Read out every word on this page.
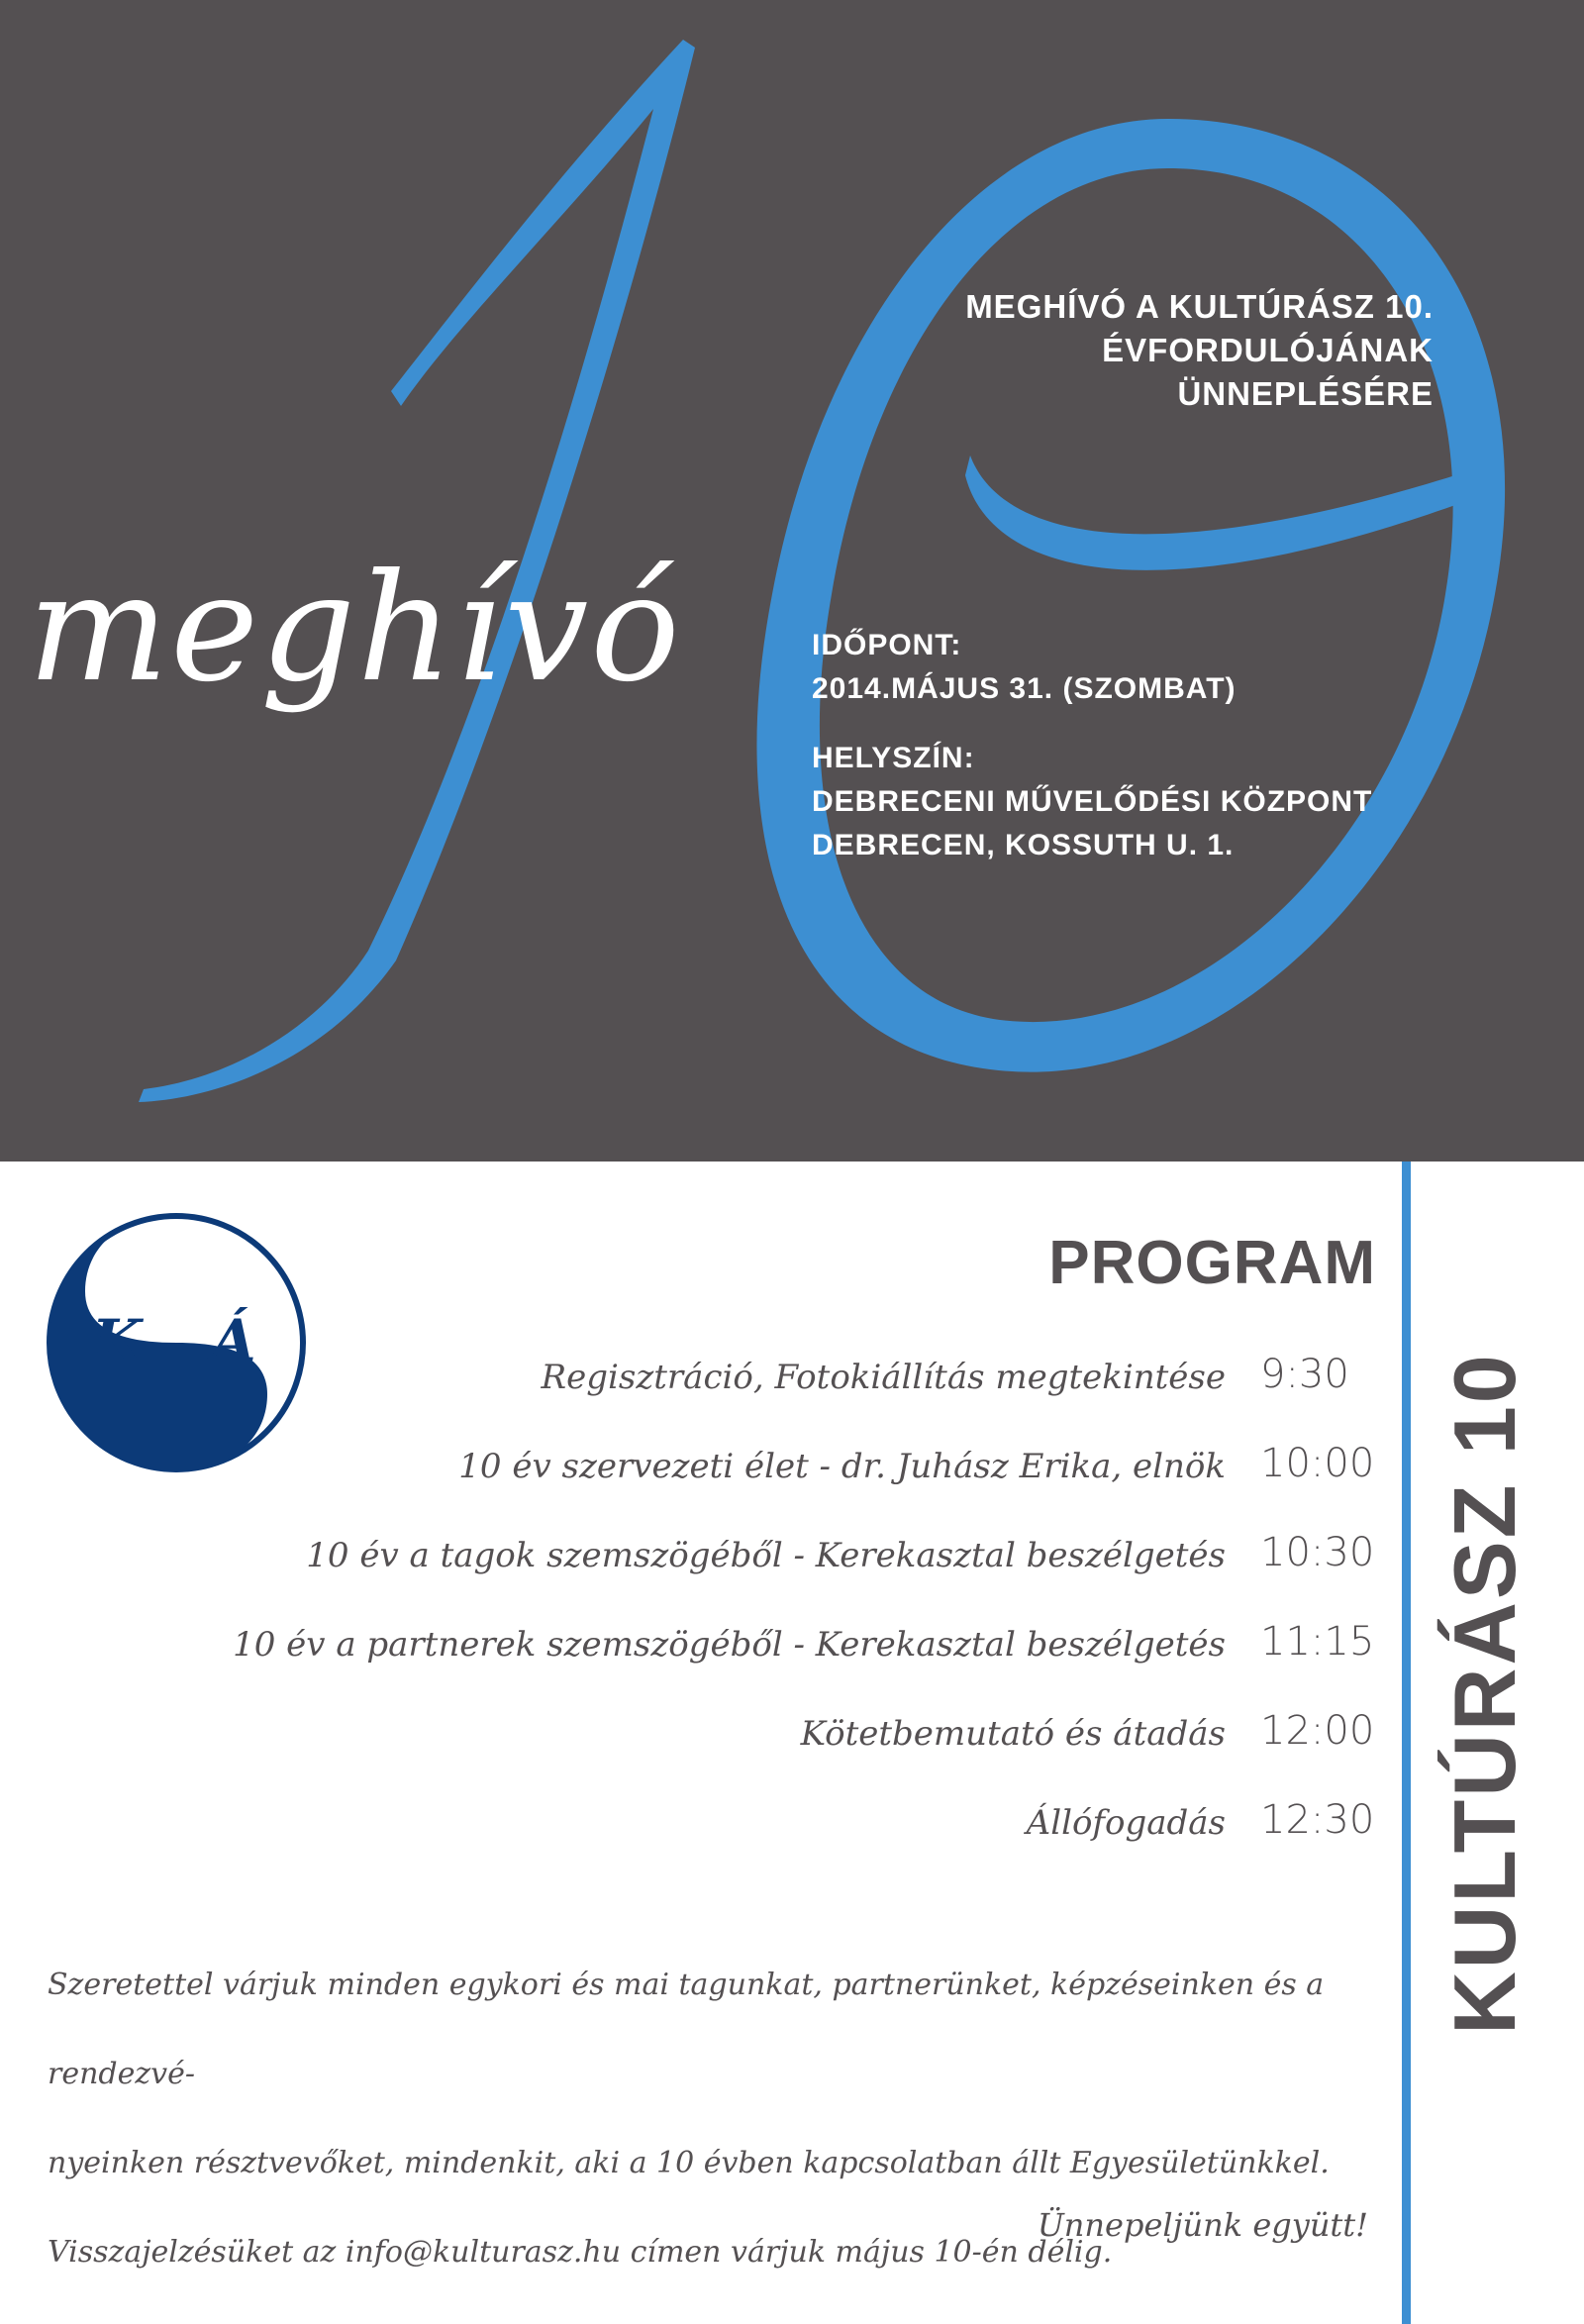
meghívó
MEGHÍVÓ A KULTÚRÁSZ 10.
ÉVFORDULÓJÁNAK ÜNNEPLÉSÉRE
IDŐPONT:
2014.MÁJUS 31. (SZOMBAT)
HELYSZÍN:
DEBRECENI MŰVELŐDÉSI KÖZPONT
DEBRECEN, KOSSUTH U. 1.
K Á
KULTÚRÁSZ 10
PROGRAM
Regisztráció, Fotokiállítás megtekintése 9:30
10 év szervezeti élet - dr. Juhász Erika, elnök 10:00
10 év a tagok szemszögéből - Kerekasztal beszélgetés 10:30
10 év a partnerek szemszögéből - Kerekasztal beszélgetés 11:15
Kötetbemutató és átadás 12:00
Állófogadás 12:30

Szeretettel várjuk minden egykori és mai tagunkat, partnerünket, képzéseinken és a rendezvé-

nyeinken résztvevőket, mindenkit, aki a 10 évben kapcsolatban állt Egyesületünkkel.

Visszajelzésüket az info@kulturasz.hu címen várjuk május 10-én délig.

Ünnepeljünk együtt!
